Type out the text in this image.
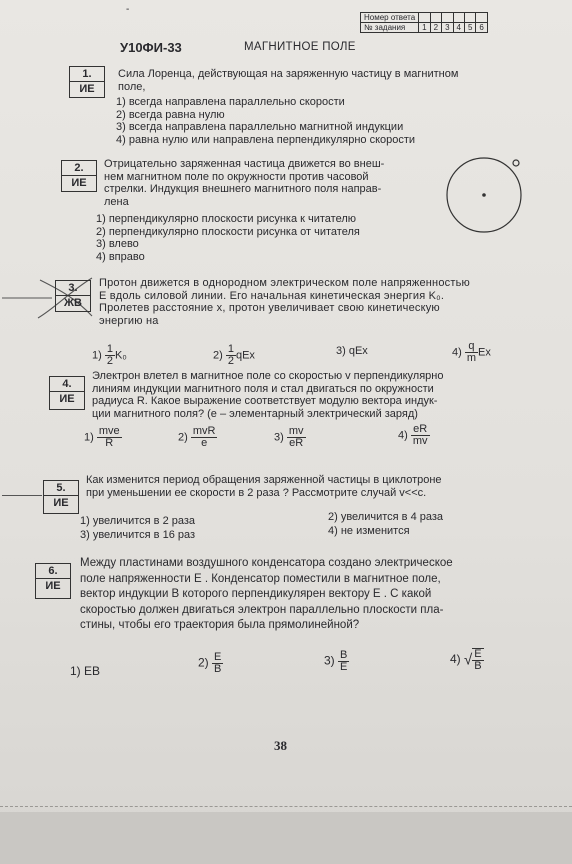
-
Номер ответа						
№ задания	1	2	3	4	5	6
У10ФИ-33	МАГНИТНОЕ ПОЛЕ
1.
ИЕ
Сила Лоренца, действующая на заряженную частицу в магнитном
поле,
1) всегда направлена параллельно скорости
2) всегда равна нулю
3) всегда направлена параллельно магнитной индукции
4) равна нулю или направлена перпендикулярно скорости
2.
ИЕ
Отрицательно заряженная частица движется во внеш-
нем магнитном поле по окружности против часовой
стрелки. Индукция внешнего магнитного поля направ-
лена
1) перпендикулярно плоскости рисунка к читателю
2) перпендикулярно плоскости рисунка от читателя
3) влево
4) вправо
3.
ЖВ
Протон движется в однородном электрическом поле напряженностью
Е вдоль силовой линии. Его начальная кинетическая энергия K₀.
Пролетев расстояние x, протон увеличивает свою кинетическую
энергию на
$1) \frac{1}{2} K_0$	$2) \frac{1}{2}$ qEx	3) qEx	$4) \frac{q}{m}$ Ex
4.
ИЕ
Электрон влетел в магнитное поле со скоростью v перпендикулярно
линиям индукции магнитного поля и стал двигаться по окружности
радиуса R. Какое выражение соответствует модулю вектора индук-
ции магнитного поля? (е – элементарный электрический заряд)
$1) \frac{\text{mve}}{R}$	$2) \frac{\text{mvR}}{e}$	$3) \frac{mv}{eR}$	$4) \frac{eR}{mv}$
5.
ИЕ
Как изменится период обращения заряженной частицы в циклотроне
при уменьшении ее скорости в 2 раза ? Рассмотрите случай v<<c.
1) увеличится в 2 раза	2) увеличится в 4 раза
3) увеличится в 16 раз	4) не изменится
6.
ИЕ
Между пластинами воздушного конденсатора создано электрическое
поле напряженности Е . Конденсатор поместили в магнитное поле,
вектор индукции В которого перпендикулярен вектору Е . С какой
скоростью должен двигаться электрон параллельно плоскости пла-
стины, чтобы его траектория была прямолинейной?
1) ЕВ
$2) \frac{Е}{В}$	$3) \frac{В}{Е}$	4) √ $\frac{Е}{В}$
38
